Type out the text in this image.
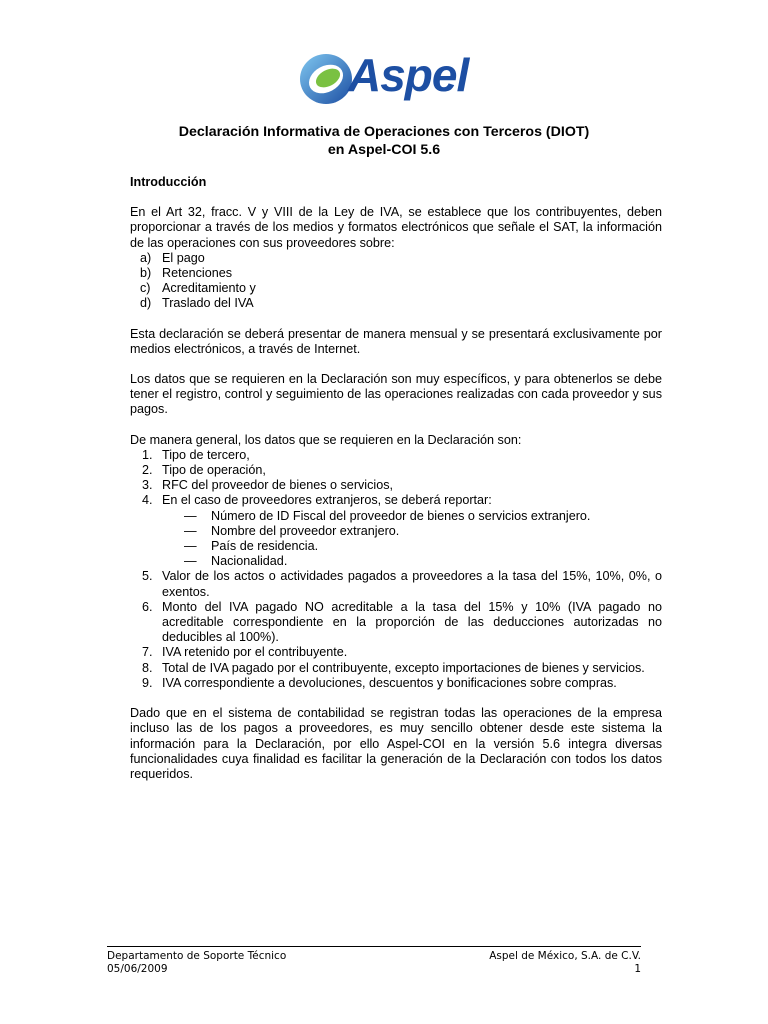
Aspel
Declaración Informativa de Operaciones con Terceros (DIOT)
en Aspel-COI 5.6

Introducción

En el Art 32, fracc. V y VIII de la Ley de IVA, se establece que los contribuyentes, deben proporcionar a través de los medios y formatos electrónicos que señale el SAT, la información de las operaciones con sus proveedores sobre:

a) El pago
b) Retenciones
c) Acreditamiento y
d) Traslado del IVA

Esta declaración se deberá presentar de manera mensual y se presentará exclusivamente por medios electrónicos, a través de Internet.

Los datos que se requieren en la Declaración son muy específicos, y para obtenerlos se debe tener el registro, control y seguimiento de las operaciones realizadas con cada proveedor y sus pagos.

De manera general, los datos que se requieren en la Declaración son:

1. Tipo de tercero,
2. Tipo de operación,
3. RFC del proveedor de bienes o servicios,
4. En el caso de proveedores extranjeros, se deberá reportar:
—	Número de ID Fiscal del proveedor de bienes o servicios extranjero.
—	Nombre del proveedor extranjero.
—	País de residencia.
—	Nacionalidad.
5. Valor de los actos o actividades pagados a proveedores a la tasa del 15%, 10%, 0%, o exentos.
6. Monto del IVA pagado NO acreditable a la tasa del 15% y 10% (IVA pagado no acreditable correspondiente en la proporción de las deducciones autorizadas no deducibles al 100%).
7. IVA retenido por el contribuyente.
8. Total de IVA pagado por el contribuyente, excepto importaciones de bienes y servicios.
9. IVA correspondiente a devoluciones, descuentos y bonificaciones sobre compras.

Dado que en el sistema de contabilidad se registran todas las operaciones de la empresa incluso las de los pagos a proveedores, es muy sencillo obtener desde este sistema la información para la Declaración, por ello Aspel-COI en la versión 5.6 integra diversas funcionalidades cuya finalidad es facilitar la generación de la Declaración con todos los datos requeridos.

Departamento de Soporte Técnico	Aspel de México, S.A. de C.V.
05/06/2009	1
